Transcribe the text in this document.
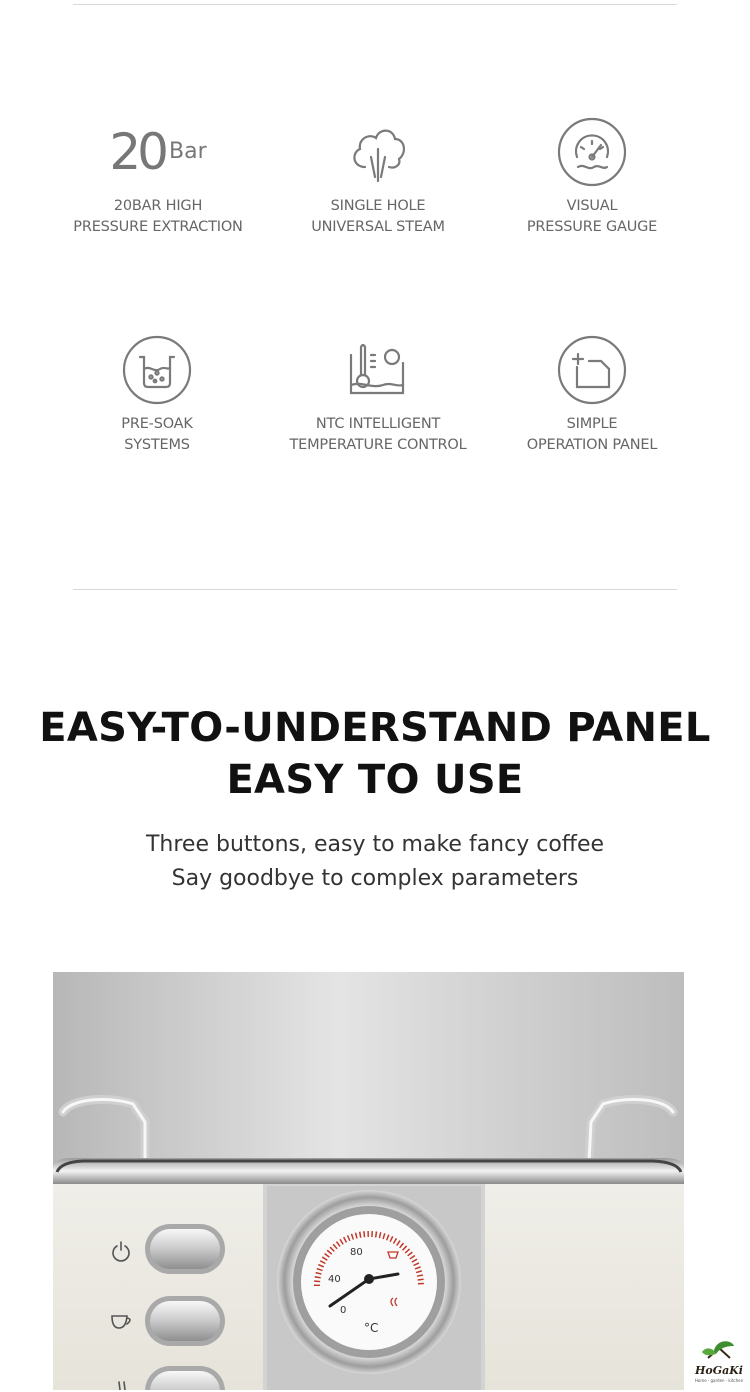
20 Bar
20BAR HIGH
PRESSURE EXTRACTION
SINGLE HOLE
UNIVERSAL STEAM
VISUAL
PRESSURE GAUGE
PRE-SOAK
SYSTEMS
NTC INTELLIGENT
TEMPERATURE CONTROL
SIMPLE
OPERATION PANEL
EASY-TO-UNDERSTAND PANEL
EASY TO USE
Three buttons, easy to make fancy coffee
Say goodbye to complex parameters
80
40
0
°C
HoGaKi
Home · garden · kitchen
